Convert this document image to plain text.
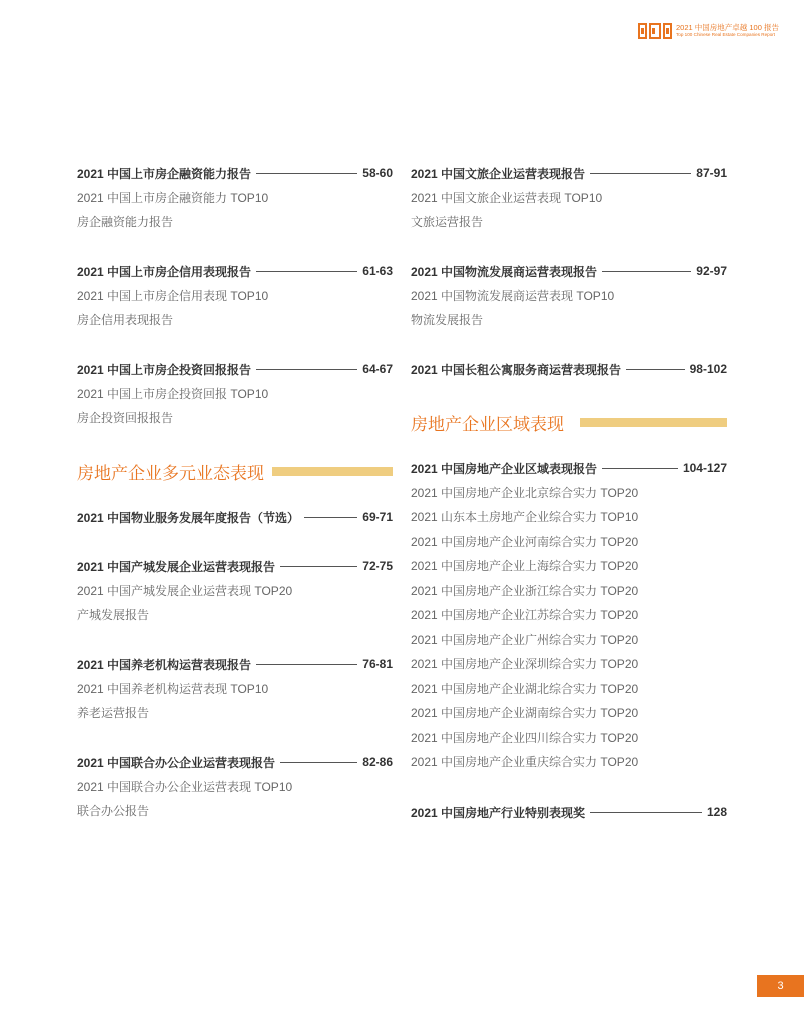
2021 中国房地产卓越 100 报告
Top 100 Chinese Real Estate Companies Report
2021 中国上市房企融资能力报告	58-60
2021 中国上市房企融资能力 TOP10
房企融资能力报告
2021 中国上市房企信用表现报告	61-63
2021 中国上市房企信用表现 TOP10
房企信用表现报告
2021 中国上市房企投资回报报告	64-67
2021 中国上市房企投资回报 TOP10
房企投资回报报告
房地产企业多元业态表现
2021 中国物业服务发展年度报告（节选）	69-71
2021 中国产城发展企业运营表现报告	72-75
2021 中国产城发展企业运营表现 TOP20
产城发展报告
2021 中国养老机构运营表现报告	76-81
2021 中国养老机构运营表现 TOP10
养老运营报告
2021 中国联合办公企业运营表现报告	82-86
2021 中国联合办公企业运营表现 TOP10
联合办公报告
2021 中国文旅企业运营表现报告	87-91
2021 中国文旅企业运营表现 TOP10
文旅运营报告
2021 中国物流发展商运营表现报告	92-97
2021 中国物流发展商运营表现 TOP10
物流发展报告
2021 中国长租公寓服务商运营表现报告	98-102
房地产企业区域表现
2021 中国房地产企业区域表现报告	104-127
2021 中国房地产企业北京综合实力 TOP20
2021 山东本土房地产企业综合实力 TOP10
2021 中国房地产企业河南综合实力 TOP20
2021 中国房地产企业上海综合实力 TOP20
2021 中国房地产企业浙江综合实力 TOP20
2021 中国房地产企业江苏综合实力 TOP20
2021 中国房地产企业广州综合实力 TOP20
2021 中国房地产企业深圳综合实力 TOP20
2021 中国房地产企业湖北综合实力 TOP20
2021 中国房地产企业湖南综合实力 TOP20
2021 中国房地产企业四川综合实力 TOP20
2021 中国房地产企业重庆综合实力 TOP20
2021 中国房地产行业特别表现奖	128
3
